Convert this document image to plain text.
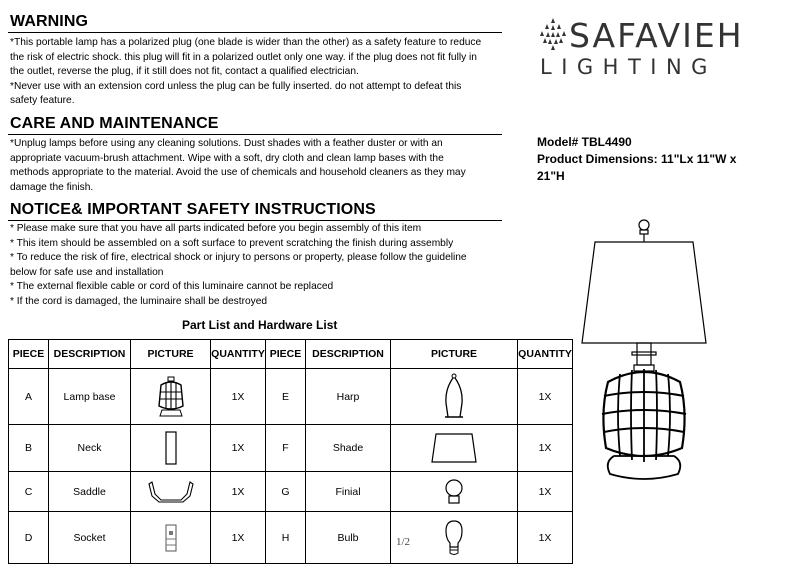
WARNING

*This portable lamp has a polarized plug (one blade is wider than the other) as a safety feature to reduce

the risk of electric shock. this plug will fit in a polarized outlet only one way. if the plug does not fit fully in

the outlet, reverse the plug, if it still does not fit, contact a qualified electrician.

*Never use with an extension cord unless the plug can be fully inserted. do not attempt to defeat this

safety feature.

CARE AND MAINTENANCE

*Unplug lamps before using any cleaning solutions. Dust shades with a feather duster or with an

appropriate vacuum-brush attachment. Wipe with a soft, dry cloth and clean lamp bases with the

methods appropriate to the material. Avoid the use of chemicals and household cleaners as they may

damage the finish.

NOTICE& IMPORTANT SAFETY INSTRUCTIONS

* Please make sure that you have all parts indicated before you begin assembly of this item

* This item should be assembled on a soft surface to prevent scratching the finish during assembly

* To reduce the risk of fire, electrical shock or injury to persons or property, please follow the guideline

below for safe use and installation

* The external flexible cable or cord of this luminaire cannot be replaced

* If the cord is damaged, the luminaire shall be destroyed

Part List and Hardware List
PIECE	DESCRIPTION	PICTURE	QUANTITY	PIECE	DESCRIPTION	PICTURE	QUANTITY
A	Lamp base		1X	E	Harp		1X
B	Neck		1X	F	Shade		1X
C	Saddle		1X	G	Finial		1X
D	Socket		1X	H	Bulb		1X
1/2
SAFAVIEH
LIGHTING
Model# TBL4490
Product Dimensions: 11"Lx 11"W x
21"H
